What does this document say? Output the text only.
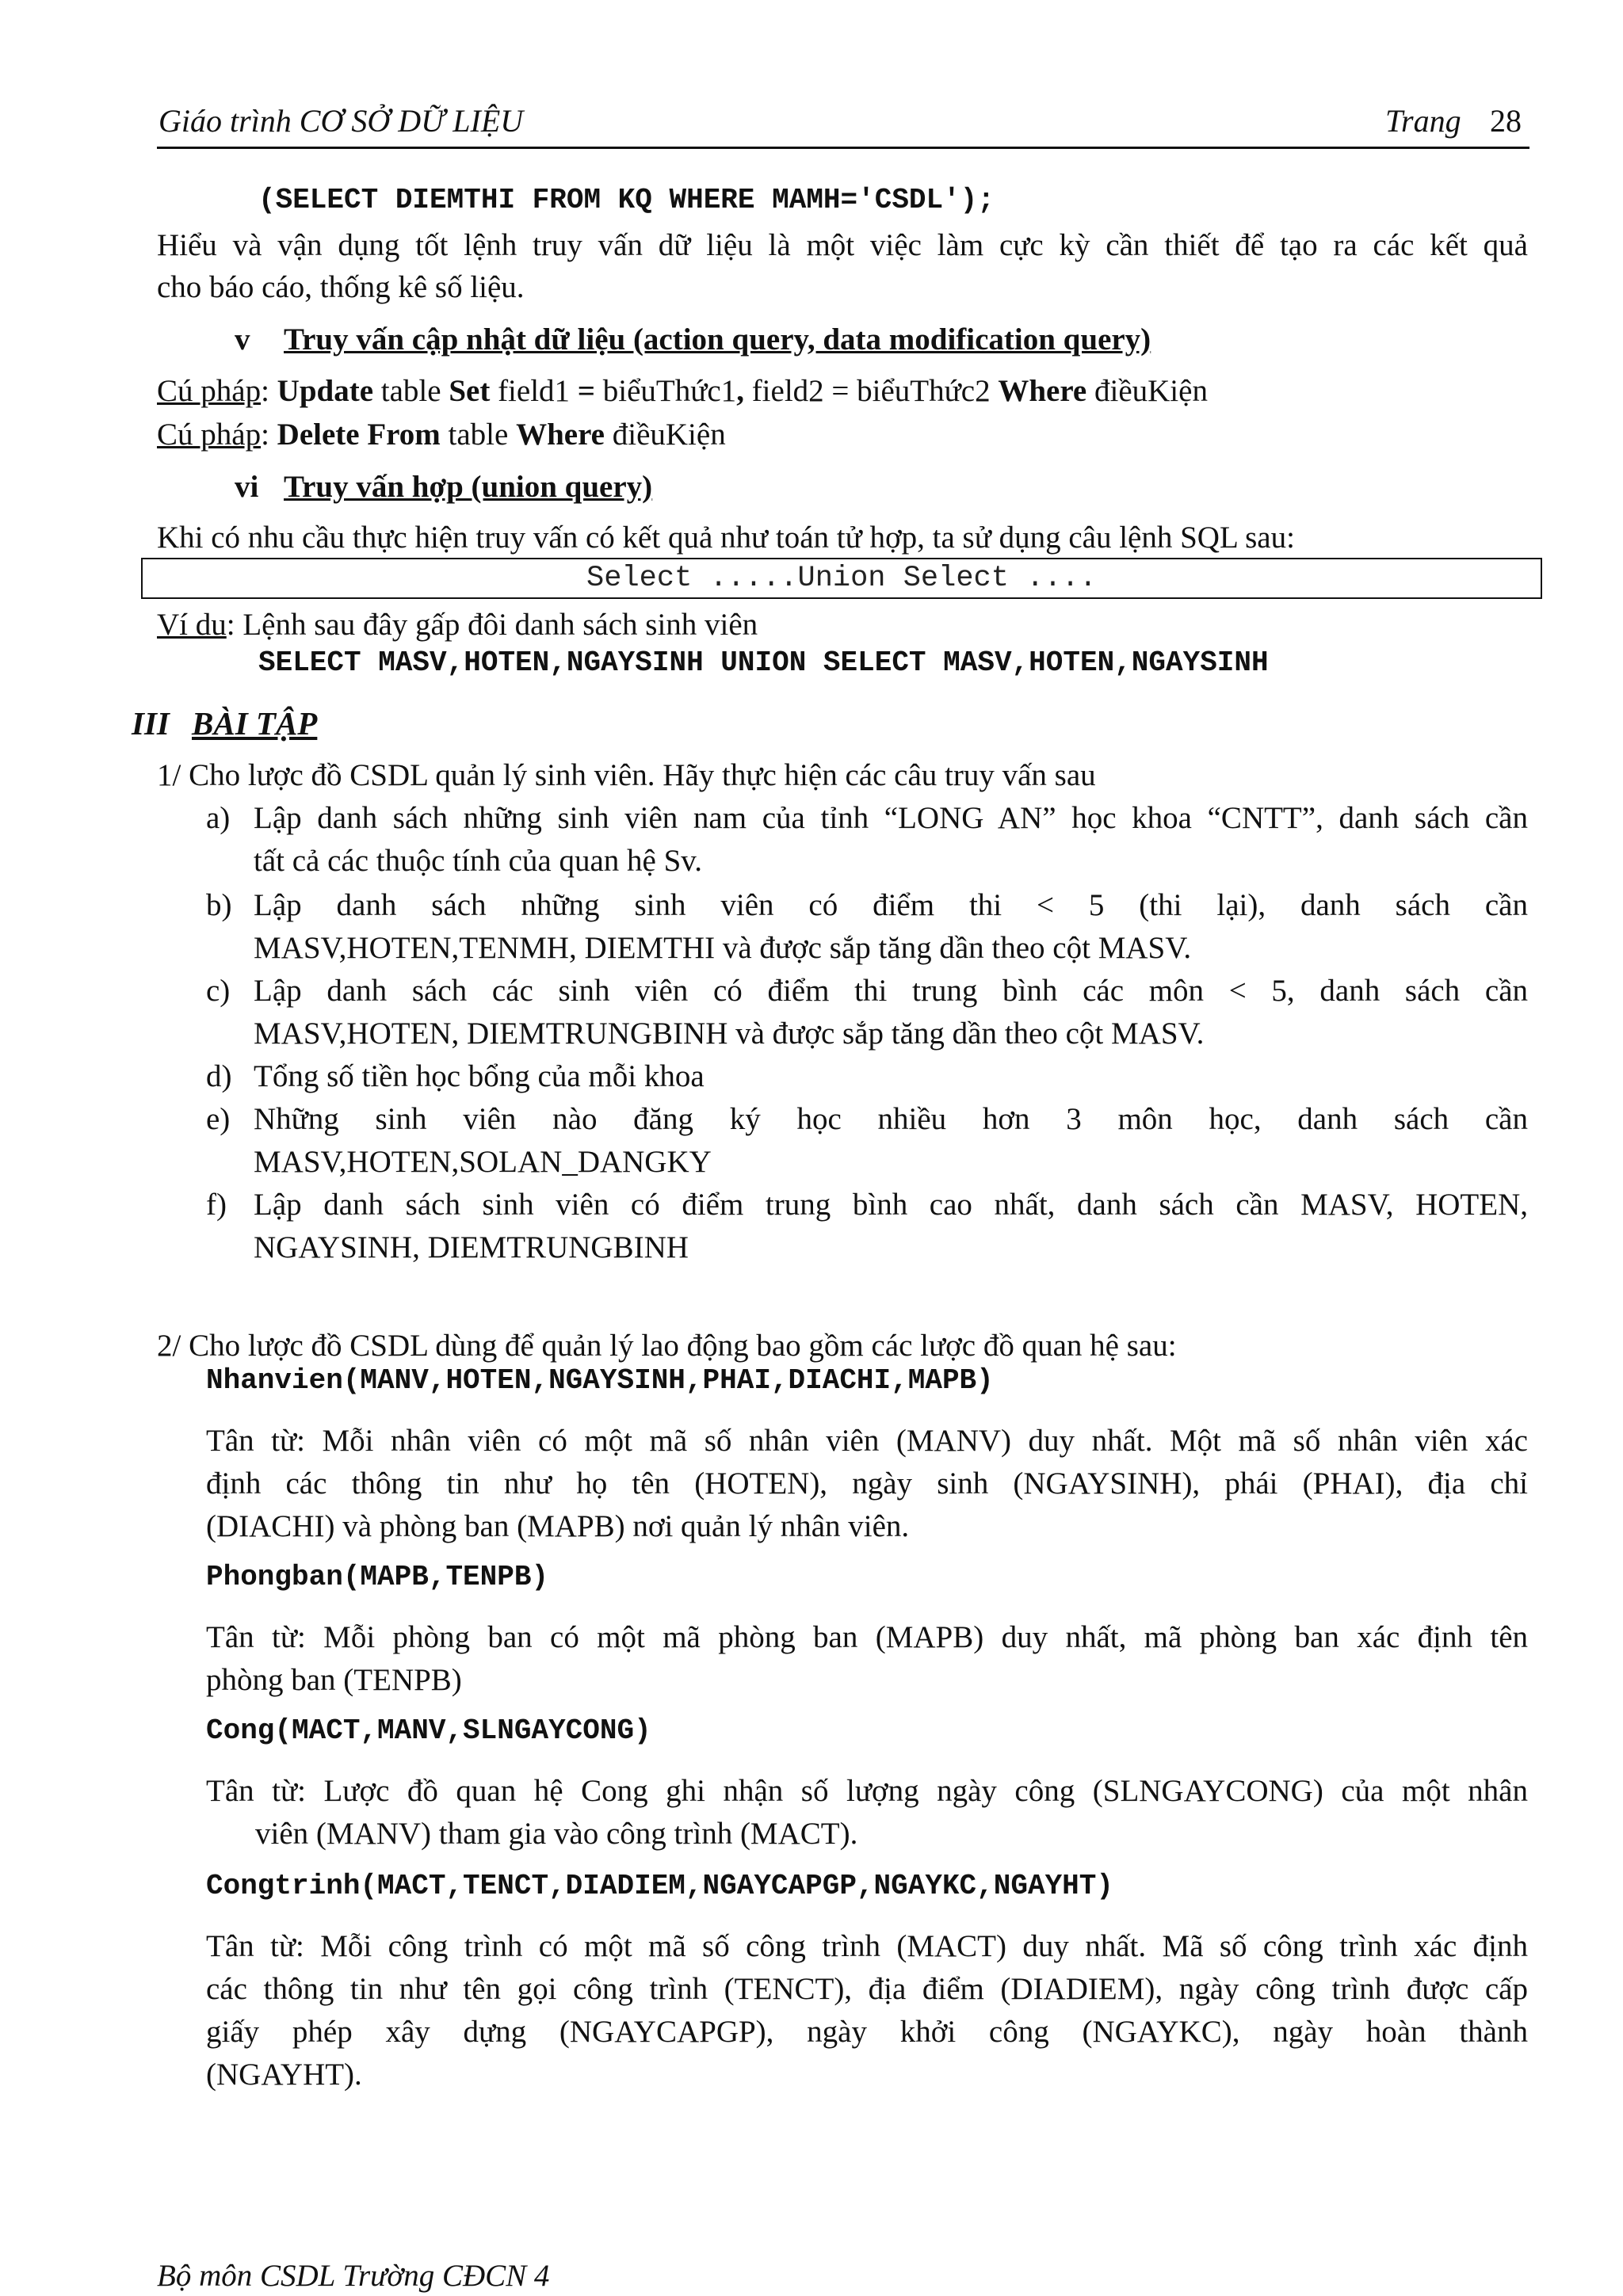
Giáo trình CƠ SỞ DỮ LIỆU	Trang 28
(SELECT DIEMTHI FROM KQ WHERE MAMH='CSDL');
Hiểu và vận dụng tốt lệnh truy vấn dữ liệu là một việc làm cực kỳ cần thiết để tạo ra các kết quả
cho báo cáo, thống kê số liệu.
v Truy vấn cập nhật dữ liệu (action query, data modification query)
Cú pháp: Update table Set field1 = biểuThức1, field2 = biểuThức2 Where điềuKiện
Cú pháp: Delete From table Where điềuKiện
vi Truy vấn hợp (union query)
Khi có nhu cầu thực hiện truy vấn có kết quả như toán tử hợp, ta sử dụng câu lệnh SQL sau:
Select .....Union Select ....
Ví du: Lệnh sau đây gấp đôi danh sách sinh viên
SELECT MASV,HOTEN,NGAYSINH UNION SELECT MASV,HOTEN,NGAYSINH
III BÀI TẬP
1/ Cho lược đồ CSDL quản lý sinh viên. Hãy thực hiện các câu truy vấn sau
a) Lập danh sách những sinh viên nam của tỉnh “LONG AN” học khoa “CNTT”, danh sách cần
tất cả các thuộc tính của quan hệ Sv.
b) Lập danh sách những sinh viên có điểm thi < 5 (thi lại), danh sách cần
MASV,HOTEN,TENMH, DIEMTHI và được sắp tăng dần theo cột MASV.
c) Lập danh sách các sinh viên có điểm thi trung bình các môn < 5, danh sách cần
MASV,HOTEN, DIEMTRUNGBINH và được sắp tăng dần theo cột MASV.
d) Tổng số tiền học bổng của mỗi khoa
e) Những sinh viên nào đăng ký học nhiều hơn 3 môn học, danh sách cần
MASV,HOTEN,SOLAN_DANGKY
f) Lập danh sách sinh viên có điểm trung bình cao nhất, danh sách cần MASV, HOTEN,
NGAYSINH, DIEMTRUNGBINH
2/ Cho lược đồ CSDL dùng để quản lý lao động bao gồm các lược đồ quan hệ sau:
Nhanvien(MANV,HOTEN,NGAYSINH,PHAI,DIACHI,MAPB)
Tân từ: Mỗi nhân viên có một mã số nhân viên (MANV) duy nhất. Một mã số nhân viên xác
định các thông tin như họ tên (HOTEN), ngày sinh (NGAYSINH), phái (PHAI), địa chỉ
(DIACHI) và phòng ban (MAPB) nơi quản lý nhân viên.
Phongban(MAPB,TENPB)
Tân từ: Mỗi phòng ban có một mã phòng ban (MAPB) duy nhất, mã phòng ban xác định tên
phòng ban (TENPB)
Cong(MACT,MANV,SLNGAYCONG)
Tân từ: Lược đồ quan hệ Cong ghi nhận số lượng ngày công (SLNGAYCONG) của một nhân
viên (MANV) tham gia vào công trình (MACT).
Congtrinh(MACT,TENCT,DIADIEM,NGAYCAPGP,NGAYKC,NGAYHT)
Tân từ: Mỗi công trình có một mã số công trình (MACT) duy nhất. Mã số công trình xác định
các thông tin như tên gọi công trình (TENCT), địa điểm (DIADIEM), ngày công trình được cấp
giấy phép xây dựng (NGAYCAPGP), ngày khởi công (NGAYKC), ngày hoàn thành
(NGAYHT).
Bộ môn CSDL Trường CĐCN 4
